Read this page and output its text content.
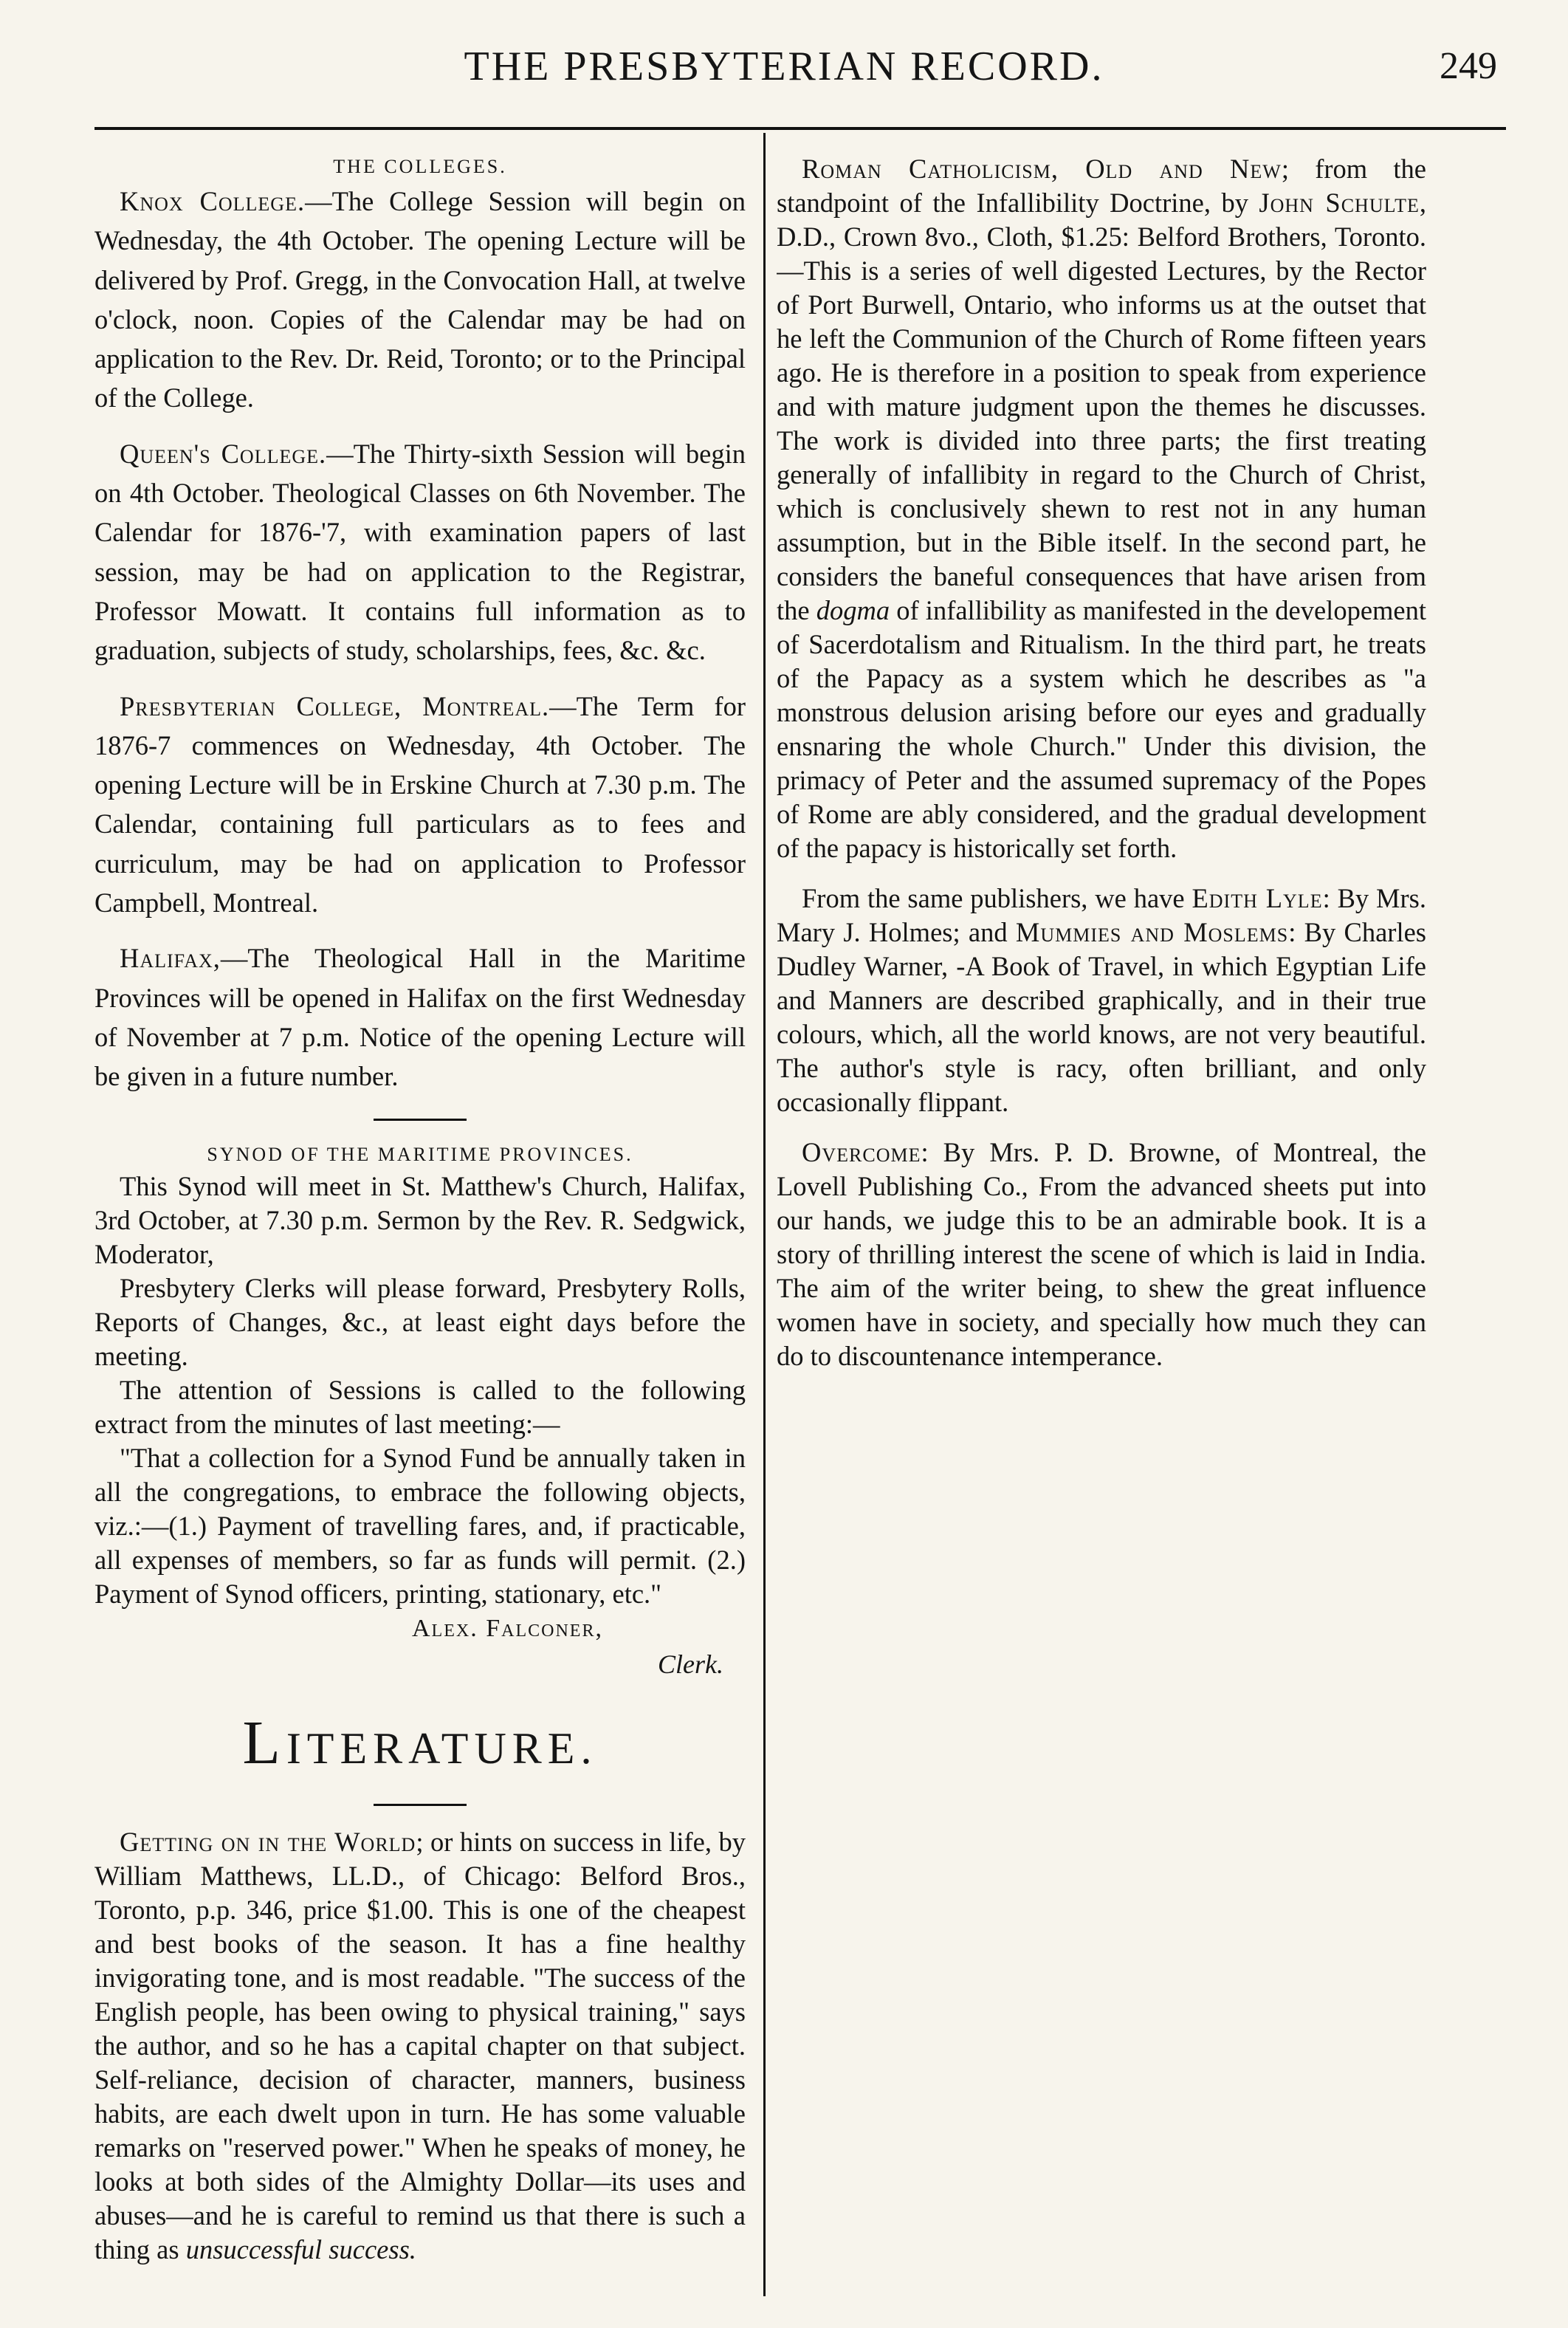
THE PRESBYTERIAN RECORD.	249
THE COLLEGES.

Knox College.—The College Session will begin on Wednesday, the 4th October. The opening Lecture will be delivered by Prof. Gregg, in the Convocation Hall, at twelve o'clock, noon. Copies of the Calendar may be had on application to the Rev. Dr. Reid, Toronto; or to the Principal of the College.

Queen's College.—The Thirty-sixth Session will begin on 4th October. Theological Classes on 6th November. The Calendar for 1876-'7, with examination papers of last session, may be had on application to the Registrar, Professor Mowatt. It contains full information as to graduation, subjects of study, scholarships, fees, &c. &c.

Presbyterian College, Montreal.—The Term for 1876-7 commences on Wednesday, 4th October. The opening Lecture will be in Erskine Church at 7.30 p.m. The Calendar, containing full particulars as to fees and curriculum, may be had on application to Professor Campbell, Montreal.

Halifax,—The Theological Hall in the Maritime Provinces will be opened in Halifax on the first Wednesday of November at 7 p.m. Notice of the opening Lecture will be given in a future number.

SYNOD OF THE MARITIME PROVINCES.

This Synod will meet in St. Matthew's Church, Halifax, 3rd October, at 7.30 p.m. Sermon by the Rev. R. Sedgwick, Moderator,

Presbytery Clerks will please forward, Presbytery Rolls, Reports of Changes, &c., at least eight days before the meeting.

The attention of Sessions is called to the following extract from the minutes of last meeting:—

"That a collection for a Synod Fund be annually taken in all the congregations, to embrace the following objects, viz.:—(1.) Payment of travelling fares, and, if practicable, all expenses of members, so far as funds will permit. (2.) Payment of Synod officers, printing, stationary, etc."

Alex. Falconer,

Clerk.

LITERATURE.

Getting on in the World; or hints on success in life, by William Matthews, LL.D., of Chicago: Belford Bros., Toronto, p.p. 346, price $1.00. This is one of the cheapest and best books of the season. It has a fine healthy invigorating tone, and is most readable. "The success of the English people, has been owing to physical training," says the author, and so he has a capital chapter on that subject. Self-reliance, decision of character, manners, business habits, are each dwelt upon in turn. He has some valuable remarks on "reserved power." When he speaks of money, he looks at both sides of the Almighty Dollar—its uses and abuses—and he is careful to remind us that there is such a thing as unsuccessful success.

Roman Catholicism, Old and New; from the standpoint of the Infallibility Doctrine, by John Schulte, D.D., Crown 8vo., Cloth, $1.25: Belford Brothers, Toronto.—This is a series of well digested Lectures, by the Rector of Port Burwell, Ontario, who informs us at the outset that he left the Communion of the Church of Rome fifteen years ago. He is therefore in a position to speak from experience and with mature judgment upon the themes he discusses. The work is divided into three parts; the first treating generally of infallibity in regard to the Church of Christ, which is conclusively shewn to rest not in any human assumption, but in the Bible itself. In the second part, he considers the baneful consequences that have arisen from the dogma of infallibility as manifested in the developement of Sacerdotalism and Ritualism. In the third part, he treats of the Papacy as a system which he describes as "a monstrous delusion arising before our eyes and gradually ensnaring the whole Church." Under this division, the primacy of Peter and the assumed supremacy of the Popes of Rome are ably considered, and the gradual development of the papacy is historically set forth.

From the same publishers, we have Edith Lyle: By Mrs. Mary J. Holmes; and Mummies and Moslems: By Charles Dudley Warner, -A Book of Travel, in which Egyptian Life and Manners are described graphically, and in their true colours, which, all the world knows, are not very beautiful. The author's style is racy, often brilliant, and only occasionally flippant.

Overcome: By Mrs. P. D. Browne, of Montreal, the Lovell Publishing Co., From the advanced sheets put into our hands, we judge this to be an admirable book. It is a story of thrilling interest the scene of which is laid in India. The aim of the writer being, to shew the great influence women have in society, and specially how much they can do to discountenance intemperance.
